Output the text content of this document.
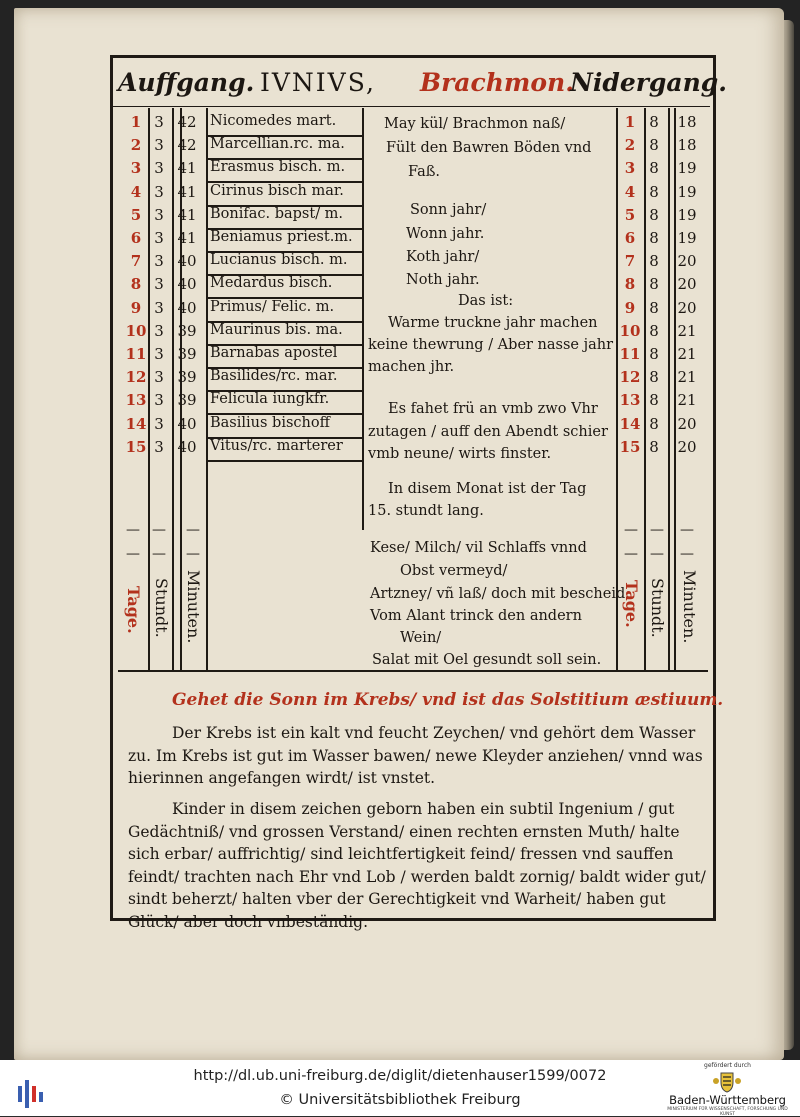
Auffgang. IVNIVS, Brachmon.
Nidergang.
1 3 42 Nicomedes mart.	1 8 18
2 3 42 Marcellian.rc. ma.	2 8 18
3 3 41 Erasmus bisch. m.	3 8 19
4 3 41 Cirinus bisch mar.	4 8 19
5 3 41 Bonifac. bapst/ m.	5 8 19
6 3 41 Beniamus priest.m.	6 8 19
7 3 40 Lucianus bisch. m.	7 8 20
8 3 40 Medardus bisch.	8 8 20
9 3 40 Primus/ Felic. m.	9 8 20
10 3 39 Maurinus bis. ma.	10 8 21
11 3 39 Barnabas apostel	11 8 21
12 3 39 Basilides/rc. mar.	12 8 21
13 3 39 Felicula iungkfr.	13 8 21
14 3 40 Basilius bischoff	14 8 20
15 3 40 Vitus/rc. marterer	15 8 20
May kül/ Brachmon naß/
Fült den Bawren Böden vnd
Faß.
Sonn jahr/
Wonn jahr.
Koth jahr/
Noth jahr.
Das ist:
Warme truckne jahr machen
keine thewrung / Aber nasse jahr
machen jhr.
Es fahet frü an vmb zwo Vhr
zutagen / auff den Abendt schier
vmb neune/ wirts finster.
In disem Monat ist der Tag
15. stundt lang.
Kese/ Milch/ vil Schlaffs vnnd
Obst vermeyd/
Artzney/ vñ laß/ doch mit bescheid.
Vom Alant trinck den andern
Wein/
Salat mit Oel gesundt soll sein.
— — —
— — —
— — —
— — —
Tage. Stundt. Minuten.	Tage. Stundt. Minuten.
Gehet die Sonn im Krebs/ vnd ist das Solstitium æstiuum.
Der Krebs ist ein kalt vnd feucht Zeychen/ vnd gehört dem Wasser zu. Im Krebs ist gut im Wasser bawen/ newe Kleyder anziehen/ vnnd was hierinnen angefangen wirdt/ ist vnstet.
Kinder in disem zeichen geborn haben ein subtil Ingenium / gut Gedächtniß/ vnd grossen Verstand/ einen rechten ernsten Muth/ halte sich erbar/ auffrichtig/ sind leichtfertigkeit feind/ fressen vnd sauffen feindt/ trachten nach Ehr vnd Lob / werden baldt zornig/ baldt wider gut/ sindt beherzt/ halten vber der Gerechtigkeit vnd Warheit/ haben gut Glück/ aber doch vnbeständig.
http://dl.ub.uni-freiburg.de/diglit/dietenhauser1599/0072
© Universitätsbibliothek Freiburg
gefördert durch
Baden-Württemberg
MINISTERIUM FÜR WISSENSCHAFT, FORSCHUNG UND KUNST
